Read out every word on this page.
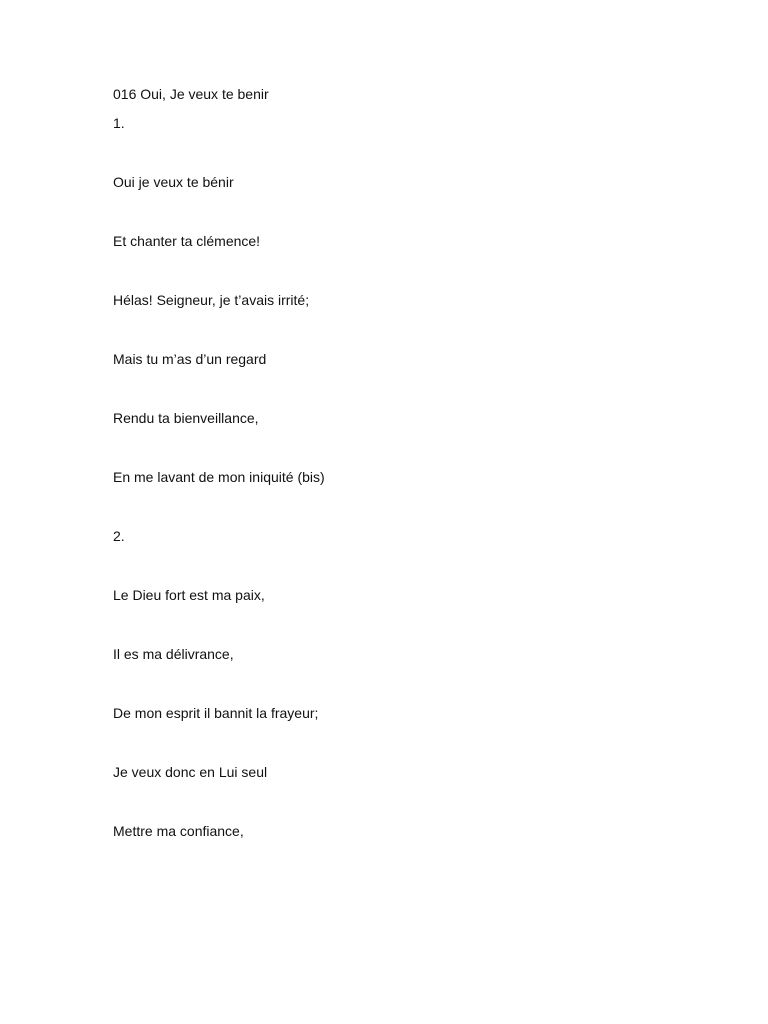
016 Oui, Je veux te benir

1.

Oui je veux te bénir

Et chanter ta clémence!

Hélas! Seigneur, je t’avais irrité;

Mais tu m’as d’un regard

Rendu ta bienveillance,

En me lavant de mon iniquité (bis)

2.

Le Dieu fort est ma paix,

Il es ma délivrance,

De mon esprit il bannit la frayeur;

Je veux donc en Lui seul

Mettre ma confiance,
